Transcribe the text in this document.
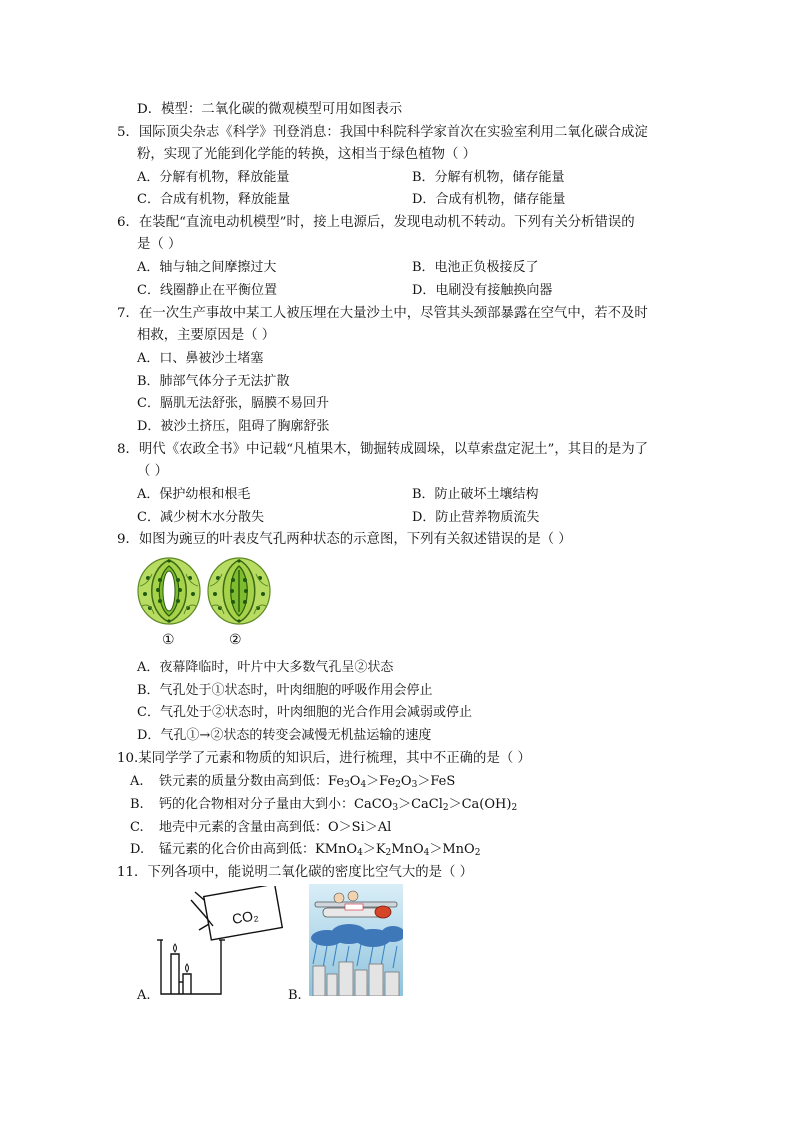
D．模型：二氧化碳的微观模型可用如图表示
5．国际顶尖杂志《科学》刊登消息：我国中科院科学家首次在实验室利用二氧化碳合成淀
粉，实现了光能到化学能的转换，这相当于绿色植物（ ）
A．分解有机物，释放能量	B．分解有机物，储存能量
C．合成有机物，释放能量	D．合成有机物，储存能量
6．在装配“直流电动机模型”时，接上电源后，发现电动机不转动。下列有关分析错误的
是（ ）
A．轴与轴之间摩擦过大	B．电池正负极接反了
C．线圈静止在平衡位置	D．电刷没有接触换向器
7．在一次生产事故中某工人被压埋在大量沙土中，尽管其头颈部暴露在空气中，若不及时
相救，主要原因是（ ）
A．口、鼻被沙土堵塞
B．肺部气体分子无法扩散
C．膈肌无法舒张，膈膜不易回升
D．被沙土挤压，阻碍了胸廓舒张
8．明代《农政全书》中记载“凡植果木，锄掘转成圆垛，以草索盘定泥土”，其目的是为了
（ ）
A．保护幼根和根毛	B．防止破坏土壤结构
C．减少树木水分散失	D．防止营养物质流失
9．如图为豌豆的叶表皮气孔两种状态的示意图，下列有关叙述错误的是（ ）
①	②
A．夜幕降临时，叶片中大多数气孔呈②状态
B．气孔处于①状态时，叶肉细胞的呼吸作用会停止
C．气孔处于②状态时，叶肉细胞的光合作用会减弱或停止
D．气孔①→②状态的转变会减慢无机盐运输的速度
10.某同学学了元素和物质的知识后，进行梳理，其中不正确的是（ ）
A. 铁元素的质量分数由高到低：$Fe_3O_4>Fe_2O_3>FeS$
B. 钙的化合物相对分子量由大到小：$CaCO_3>CaCl_2>Ca(OH)_2$
C. 地壳中元素的含量由高到低：O＞Si＞Al
D. 锰元素的化合价由高到低：$KMnO_4>K_2MnO_4>MnO_2$
11．下列各项中，能说明二氧化碳的密度比空气大的是（ ）
CO₂
A.	B.
